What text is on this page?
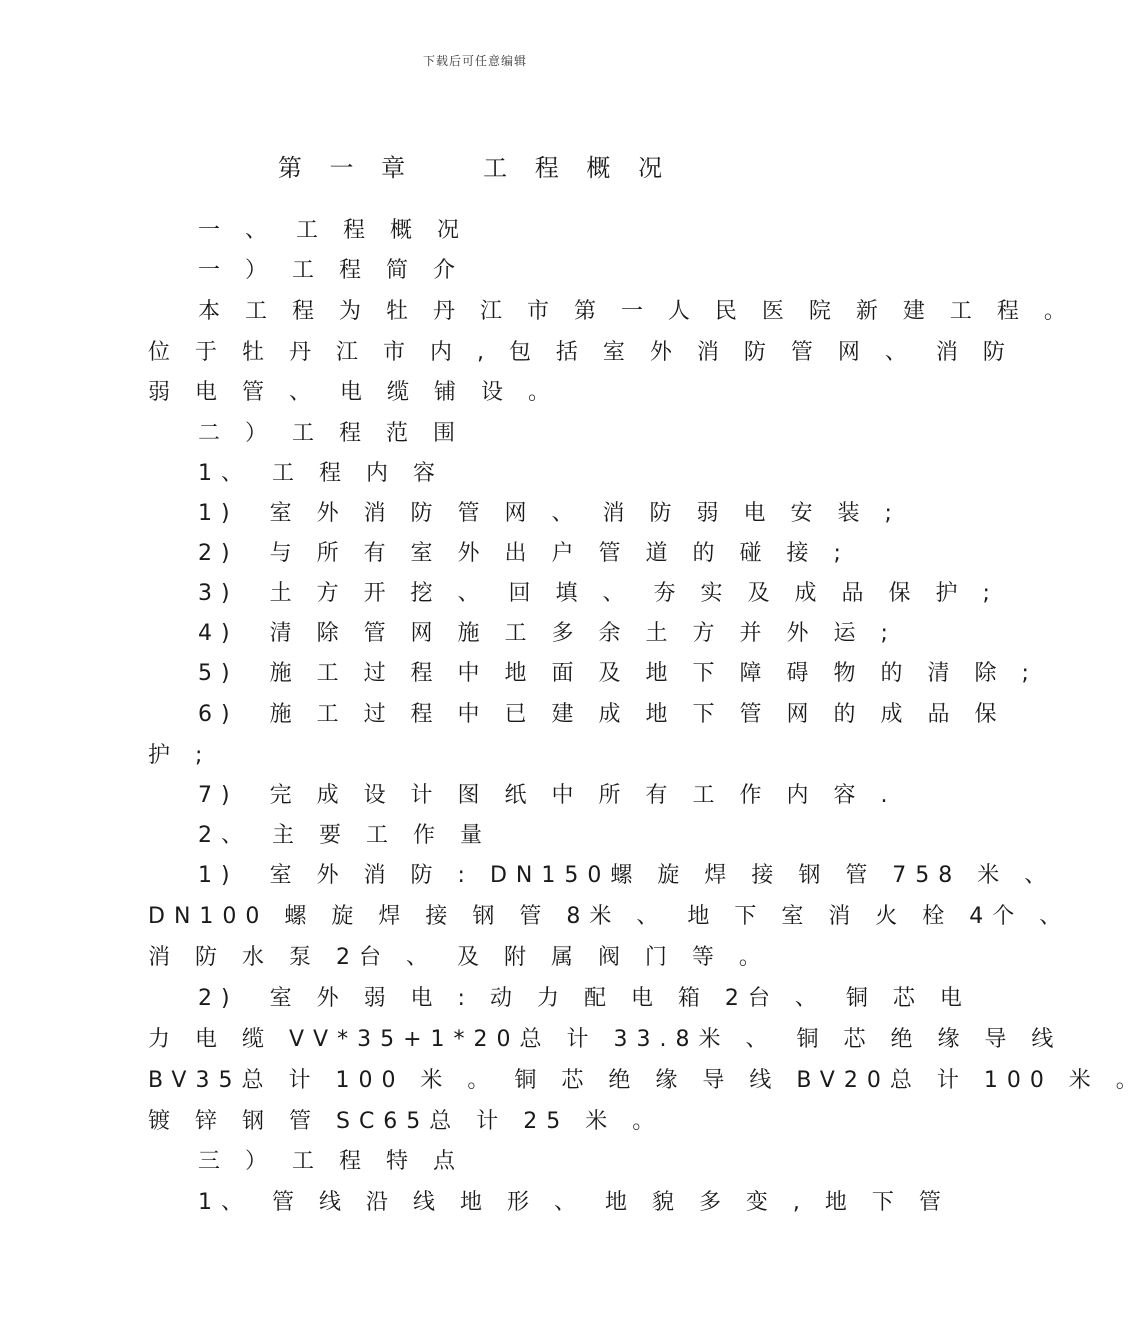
下载后可任意编辑
第 一 章　　工 程 概 况
一 、　工 程 概 况
一 ） 工 程 简 介
本 工 程 为 牡 丹 江 市 第 一 人 民 医 院 新 建 工 程 。
位 于 牡 丹 江 市 内 , 包 括 室 外 消 防 管 网 、　消 防
弱 电 管 、　电 缆 铺 设 。
二 ） 工 程 范 围
1、　工 程 内 容
1)　室 外 消 防 管 网 、　消 防 弱 电 安 装 ;
2)　与 所 有 室 外 出 户 管 道 的 碰 接 ;
3)　土 方 开 挖 、　回 填 、　夯 实 及 成 品 保 护 ;
4)　清 除 管 网 施 工 多 余 土 方 并 外 运 ;
5)　施 工 过 程 中 地 面 及 地 下 障 碍 物 的 清 除 ;
6)　施 工 过 程 中 已 建 成 地 下 管 网 的 成 品 保
护 ;
7)　完 成 设 计 图 纸 中 所 有 工 作 内 容 .
2、　主 要 工 作 量
1)　室 外 消 防 : DN150螺 旋 焊 接 钢 管 758 米 、
DN100 螺 旋 焊 接 钢 管 8米 、　地 下 室 消 火 栓 4个 、
消 防 水 泵 2台 、　及 附 属 阀 门 等 。
2)　室 外 弱 电 : 动 力 配 电 箱 2台 、　铜 芯 电
力 电 缆 VV*35+1*20总 计 33.8米 、　铜 芯 绝 缘 导 线
BV35总 计 100 米 。 铜 芯 绝 缘 导 线 BV20总 计 100 米 。
镀 锌 钢 管 SC65总 计 25 米 。
三 ） 工 程 特 点
1、　管 线 沿 线 地 形 、　地 貌 多 变 , 地 下 管
